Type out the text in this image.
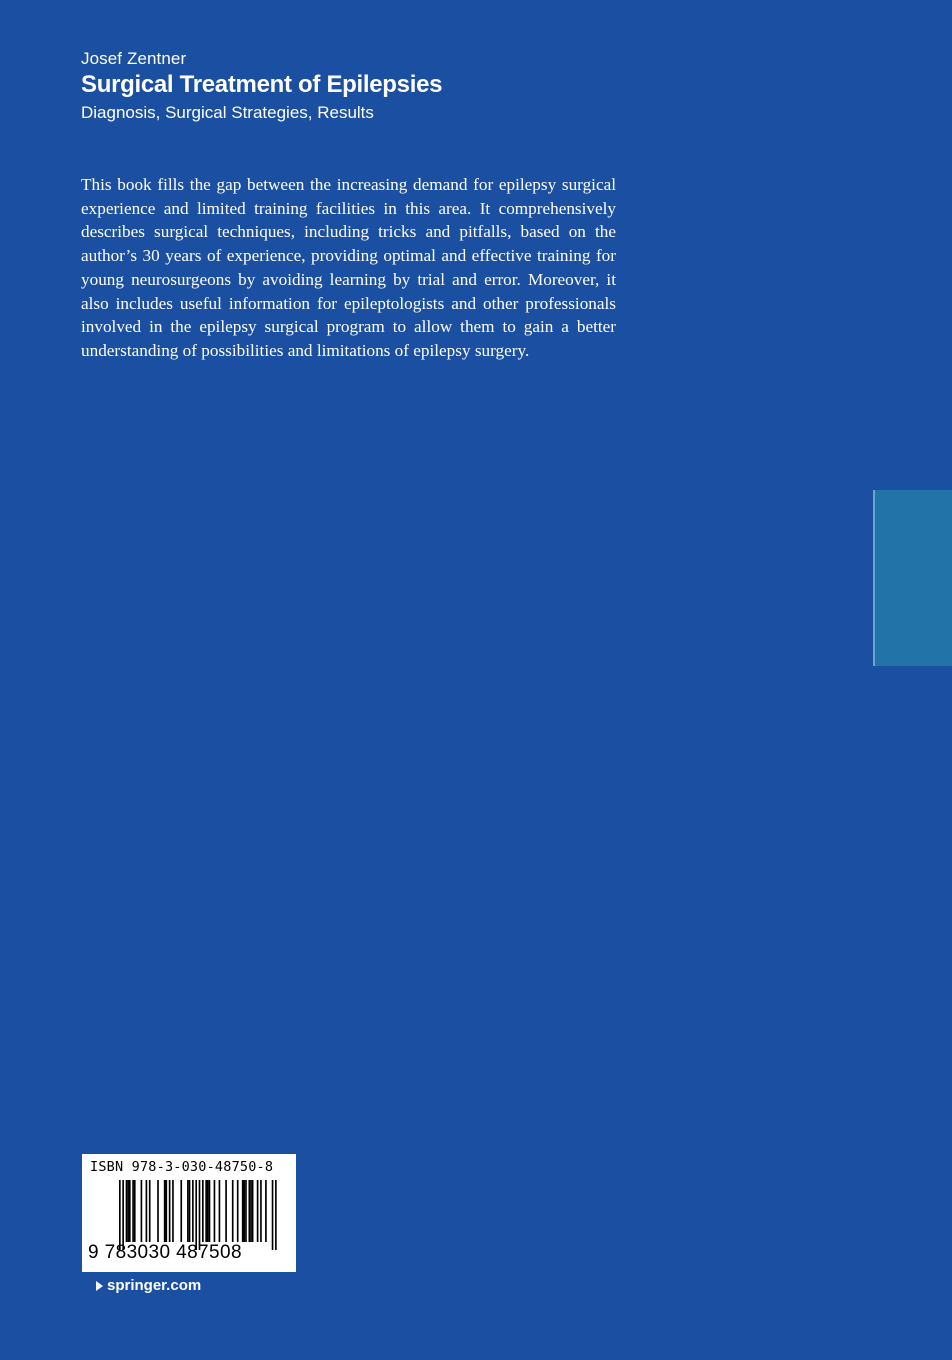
Josef Zentner
Surgical Treatment of Epilepsies
Diagnosis, Surgical Strategies, Results
This book fills the gap between the increasing demand for epilepsy surgical experience and limited training facilities in this area. It comprehensively describes surgical techniques, including tricks and pitfalls, based on the author’s 30 years of experience, providing optimal and effective training for young neurosurgeons by avoiding learning by trial and error. Moreover, it also includes useful information for epileptologists and other professionals involved in the epilepsy surgical program to allow them to gain a better understanding of possibilities and limitations of epilepsy surgery.
ISBN 978-3-030-48750-8
9 783030 487508
springer.com
